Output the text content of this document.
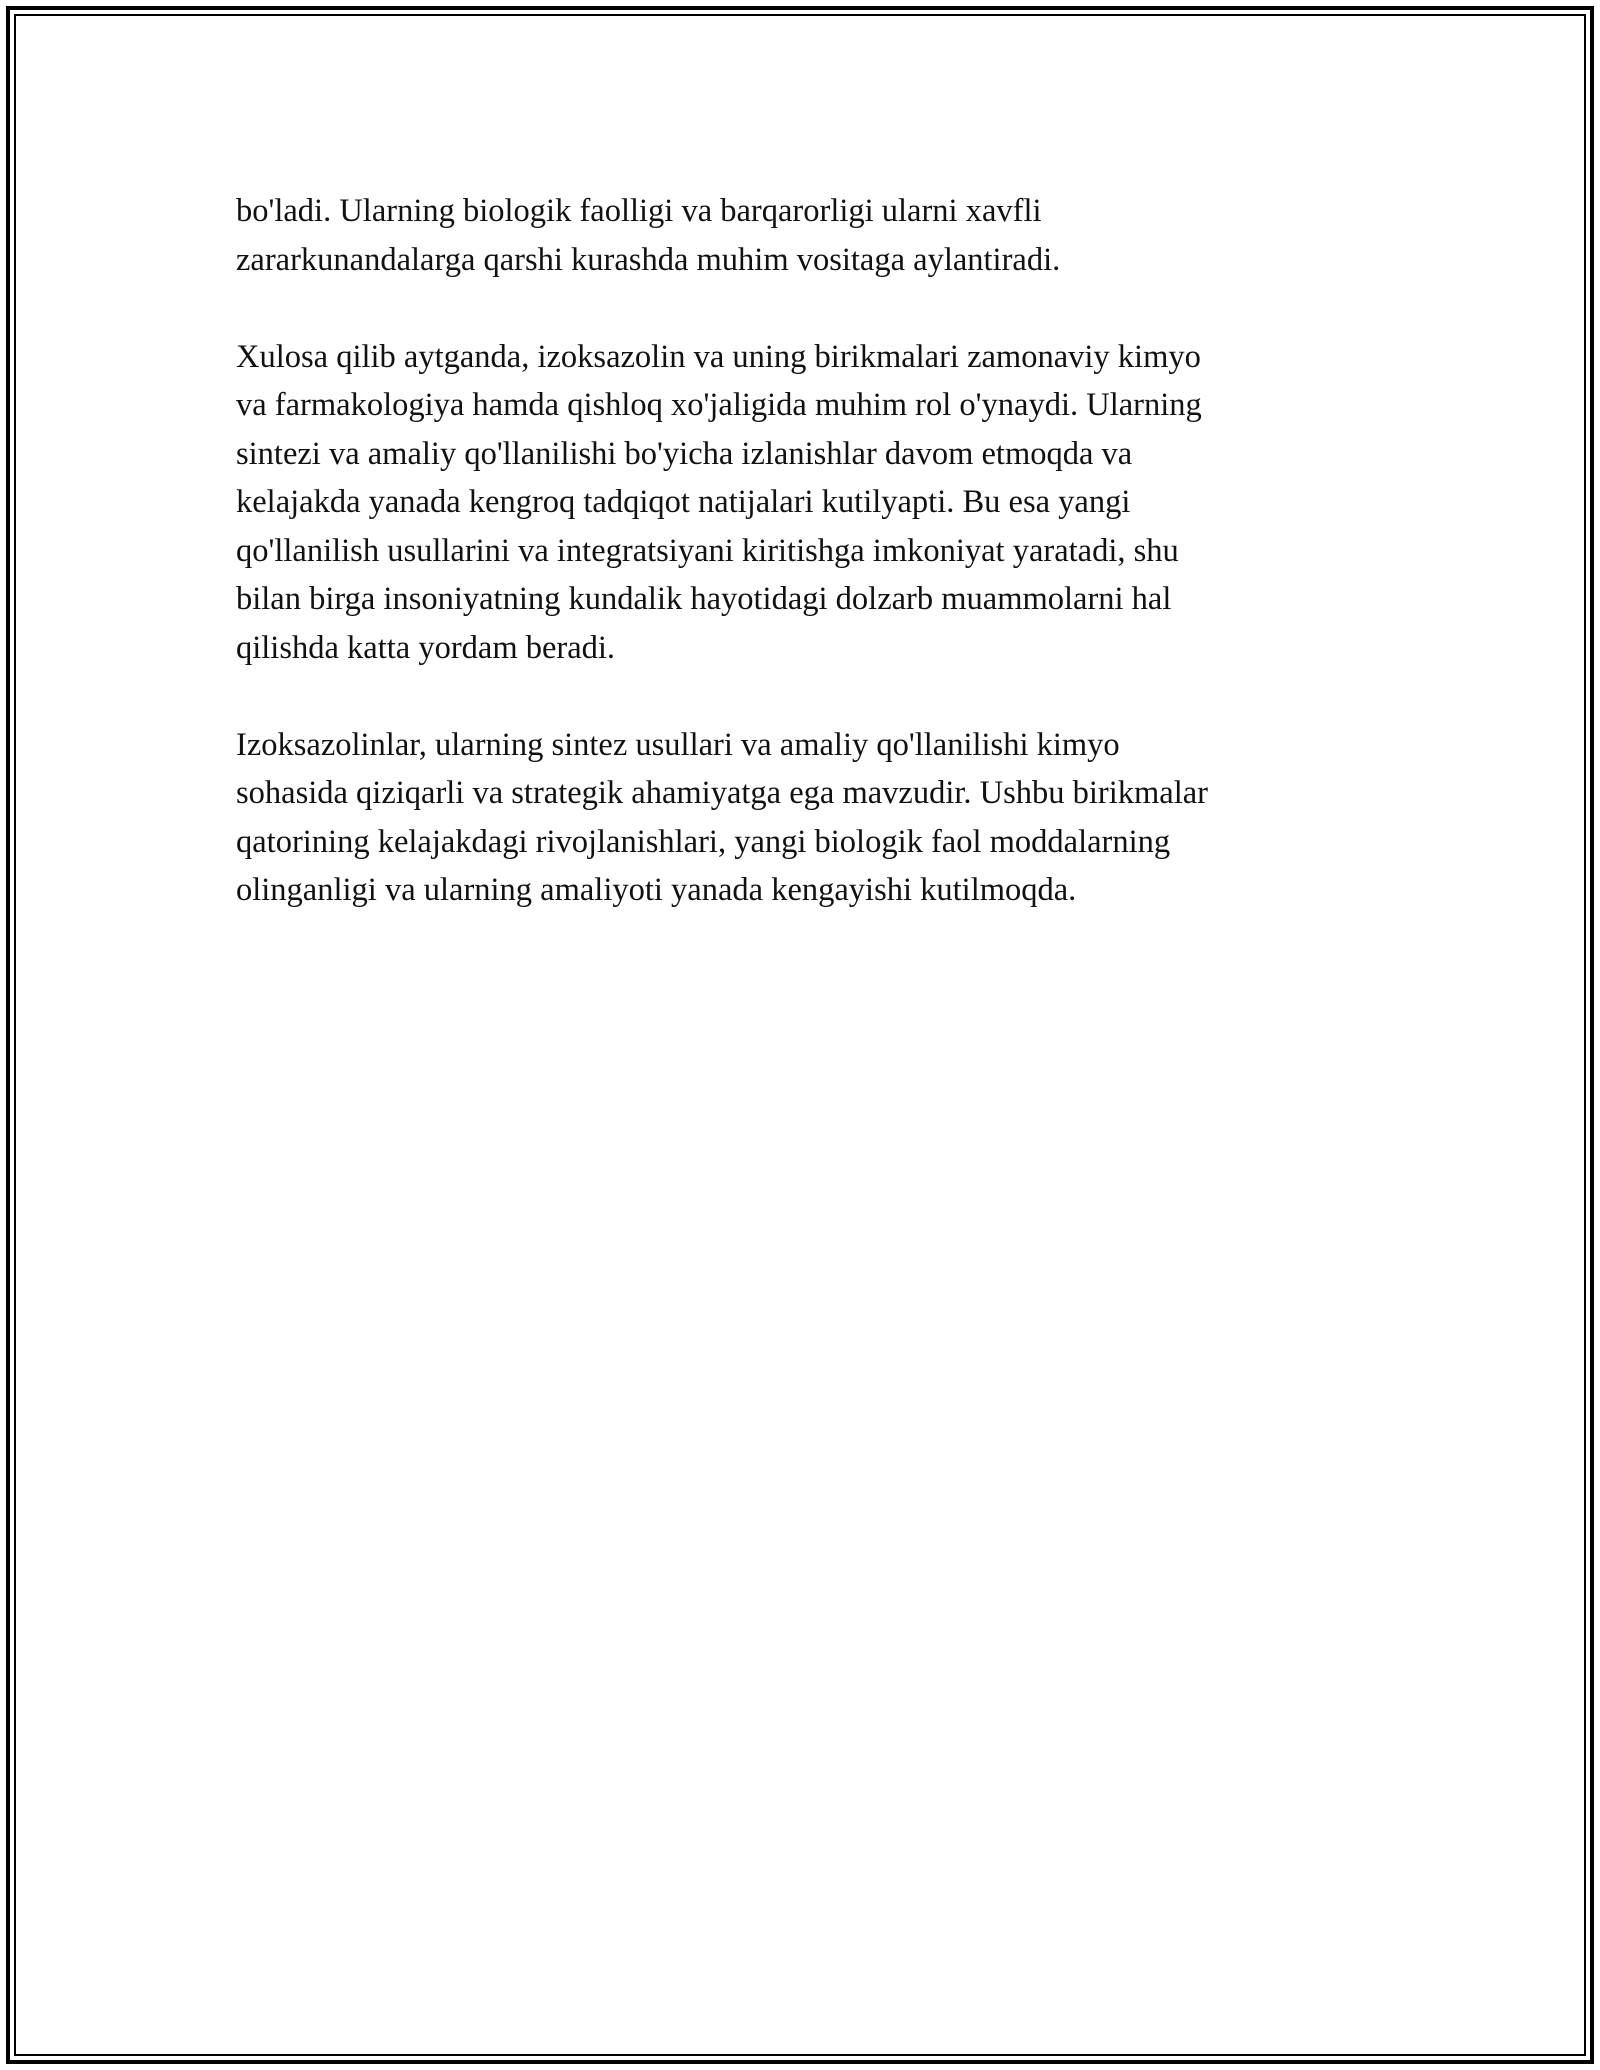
bo'ladi. Ularning biologik faolligi va barqarorligi ularni xavfli
zararkunandalarga qarshi kurashda muhim vositaga aylantiradi.

Xulosa qilib aytganda, izoksazolin va uning birikmalari zamonaviy kimyo
va farmakologiya hamda qishloq xo'jaligida muhim rol o'ynaydi. Ularning
sintezi va amaliy qo'llanilishi bo'yicha izlanishlar davom etmoqda va
kelajakda yanada kengroq tadqiqot natijalari kutilyapti. Bu esa yangi
qo'llanilish usullarini va integratsiyani kiritishga imkoniyat yaratadi, shu
bilan birga insoniyatning kundalik hayotidagi dolzarb muammolarni hal
qilishda katta yordam beradi.

Izoksazolinlar, ularning sintez usullari va amaliy qo'llanilishi kimyo
sohasida qiziqarli va strategik ahamiyatga ega mavzudir. Ushbu birikmalar
qatorining kelajakdagi rivojlanishlari, yangi biologik faol moddalarning
olinganligi va ularning amaliyoti yanada kengayishi kutilmoqda.
